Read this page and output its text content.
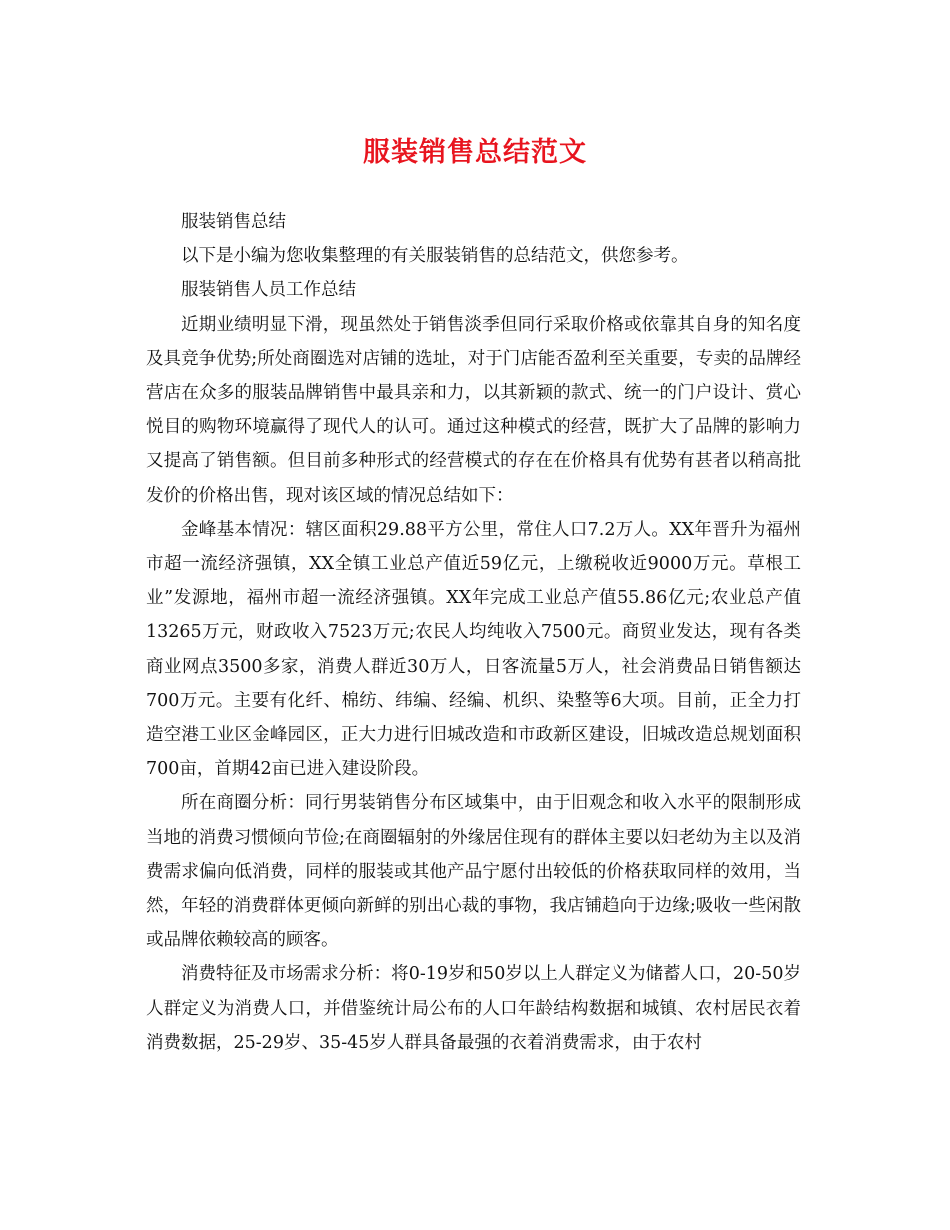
服装销售总结范文

服装销售总结

以下是小编为您收集整理的有关服装销售的总结范文，供您参考。

服装销售人员工作总结

近期业绩明显下滑，现虽然处于销售淡季但同行采取价格或依靠其自身的知名度及具竞争优势;所处商圈选对店铺的选址，对于门店能否盈利至关重要，专卖的品牌经营店在众多的服装品牌销售中最具亲和力，以其新颖的款式、统一的门户设计、赏心悦目的购物环境赢得了现代人的认可。通过这种模式的经营，既扩大了品牌的影响力又提高了销售额。但目前多种形式的经营模式的存在在价格具有优势有甚者以稍高批发价的价格出售，现对该区域的情况总结如下：

金峰基本情况：辖区面积29.88平方公里，常住人口7.2万人。XX年晋升为福州市超一流经济强镇，XX全镇工业总产值近59亿元，上缴税收近9000万元。草根工业”发源地，福州市超一流经济强镇。XX年完成工业总产值55.86亿元;农业总产值13265万元，财政收入7523万元;农民人均纯收入7500元。商贸业发达，现有各类商业网点3500多家，消费人群近30万人，日客流量5万人，社会消费品日销售额达700万元。主要有化纤、棉纺、纬编、经编、机织、染整等6大项。目前，正全力打造空港工业区金峰园区，正大力进行旧城改造和市政新区建设，旧城改造总规划面积700亩，首期42亩已进入建设阶段。

所在商圈分析：同行男装销售分布区域集中，由于旧观念和收入水平的限制形成当地的消费习惯倾向节俭;在商圈辐射的外缘居住现有的群体主要以妇老幼为主以及消费需求偏向低消费，同样的服装或其他产品宁愿付出较低的价格获取同样的效用，当然，年轻的消费群体更倾向新鲜的别出心裁的事物，我店铺趋向于边缘;吸收一些闲散或品牌依赖较高的顾客。

消费特征及市场需求分析：将0-19岁和50岁以上人群定义为储蓄人口，20-50岁人群定义为消费人口，并借鉴统计局公布的人口年龄结构数据和城镇、农村居民衣着消费数据，25-29岁、35-45岁人群具备最强的衣着消费需求，由于农村
